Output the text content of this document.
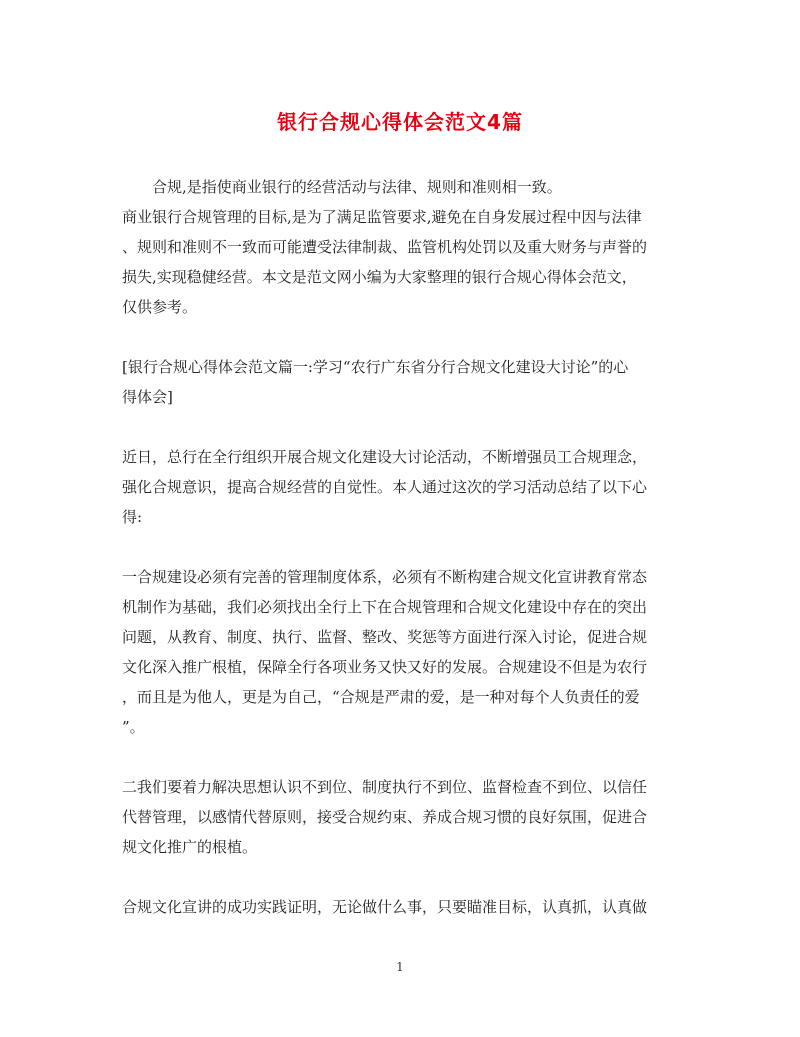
银行合规心得体会范文4篇

合规,是指使商业银行的经营活动与法律、规则和准则相一致。

商业银行合规管理的目标,是为了满足监管要求,避免在自身发展过程中因与法律

、规则和准则不一致而可能遭受法律制裁、监管机构处罚以及重大财务与声誉的

损失,实现稳健经营。本文是范文网小编为大家整理的银行合规心得体会范文，

仅供参考。

[银行合规心得体会范文篇一:学习“农行广东省分行合规文化建设大讨论”的心

得体会]

近日，总行在全行组织开展合规文化建设大讨论活动，不断增强员工合规理念，

强化合规意识，提高合规经营的自觉性。本人通过这次的学习活动总结了以下心

得:

一合规建设必须有完善的管理制度体系，必须有不断构建合规文化宣讲教育常态

机制作为基础，我们必须找出全行上下在合规管理和合规文化建设中存在的突出

问题，从教育、制度、执行、监督、整改、奖惩等方面进行深入讨论，促进合规

文化深入推广根植，保障全行各项业务又快又好的发展。合规建设不但是为农行

，而且是为他人，更是为自己，“合规是严肃的爱，是一种对每个人负责任的爱

”。

二我们要着力解决思想认识不到位、制度执行不到位、监督检查不到位、以信任

代替管理，以感情代替原则，接受合规约束、养成合规习惯的良好氛围，促进合

规文化推广的根植。

合规文化宣讲的成功实践证明，无论做什么事，只要瞄准目标，认真抓，认真做

1
